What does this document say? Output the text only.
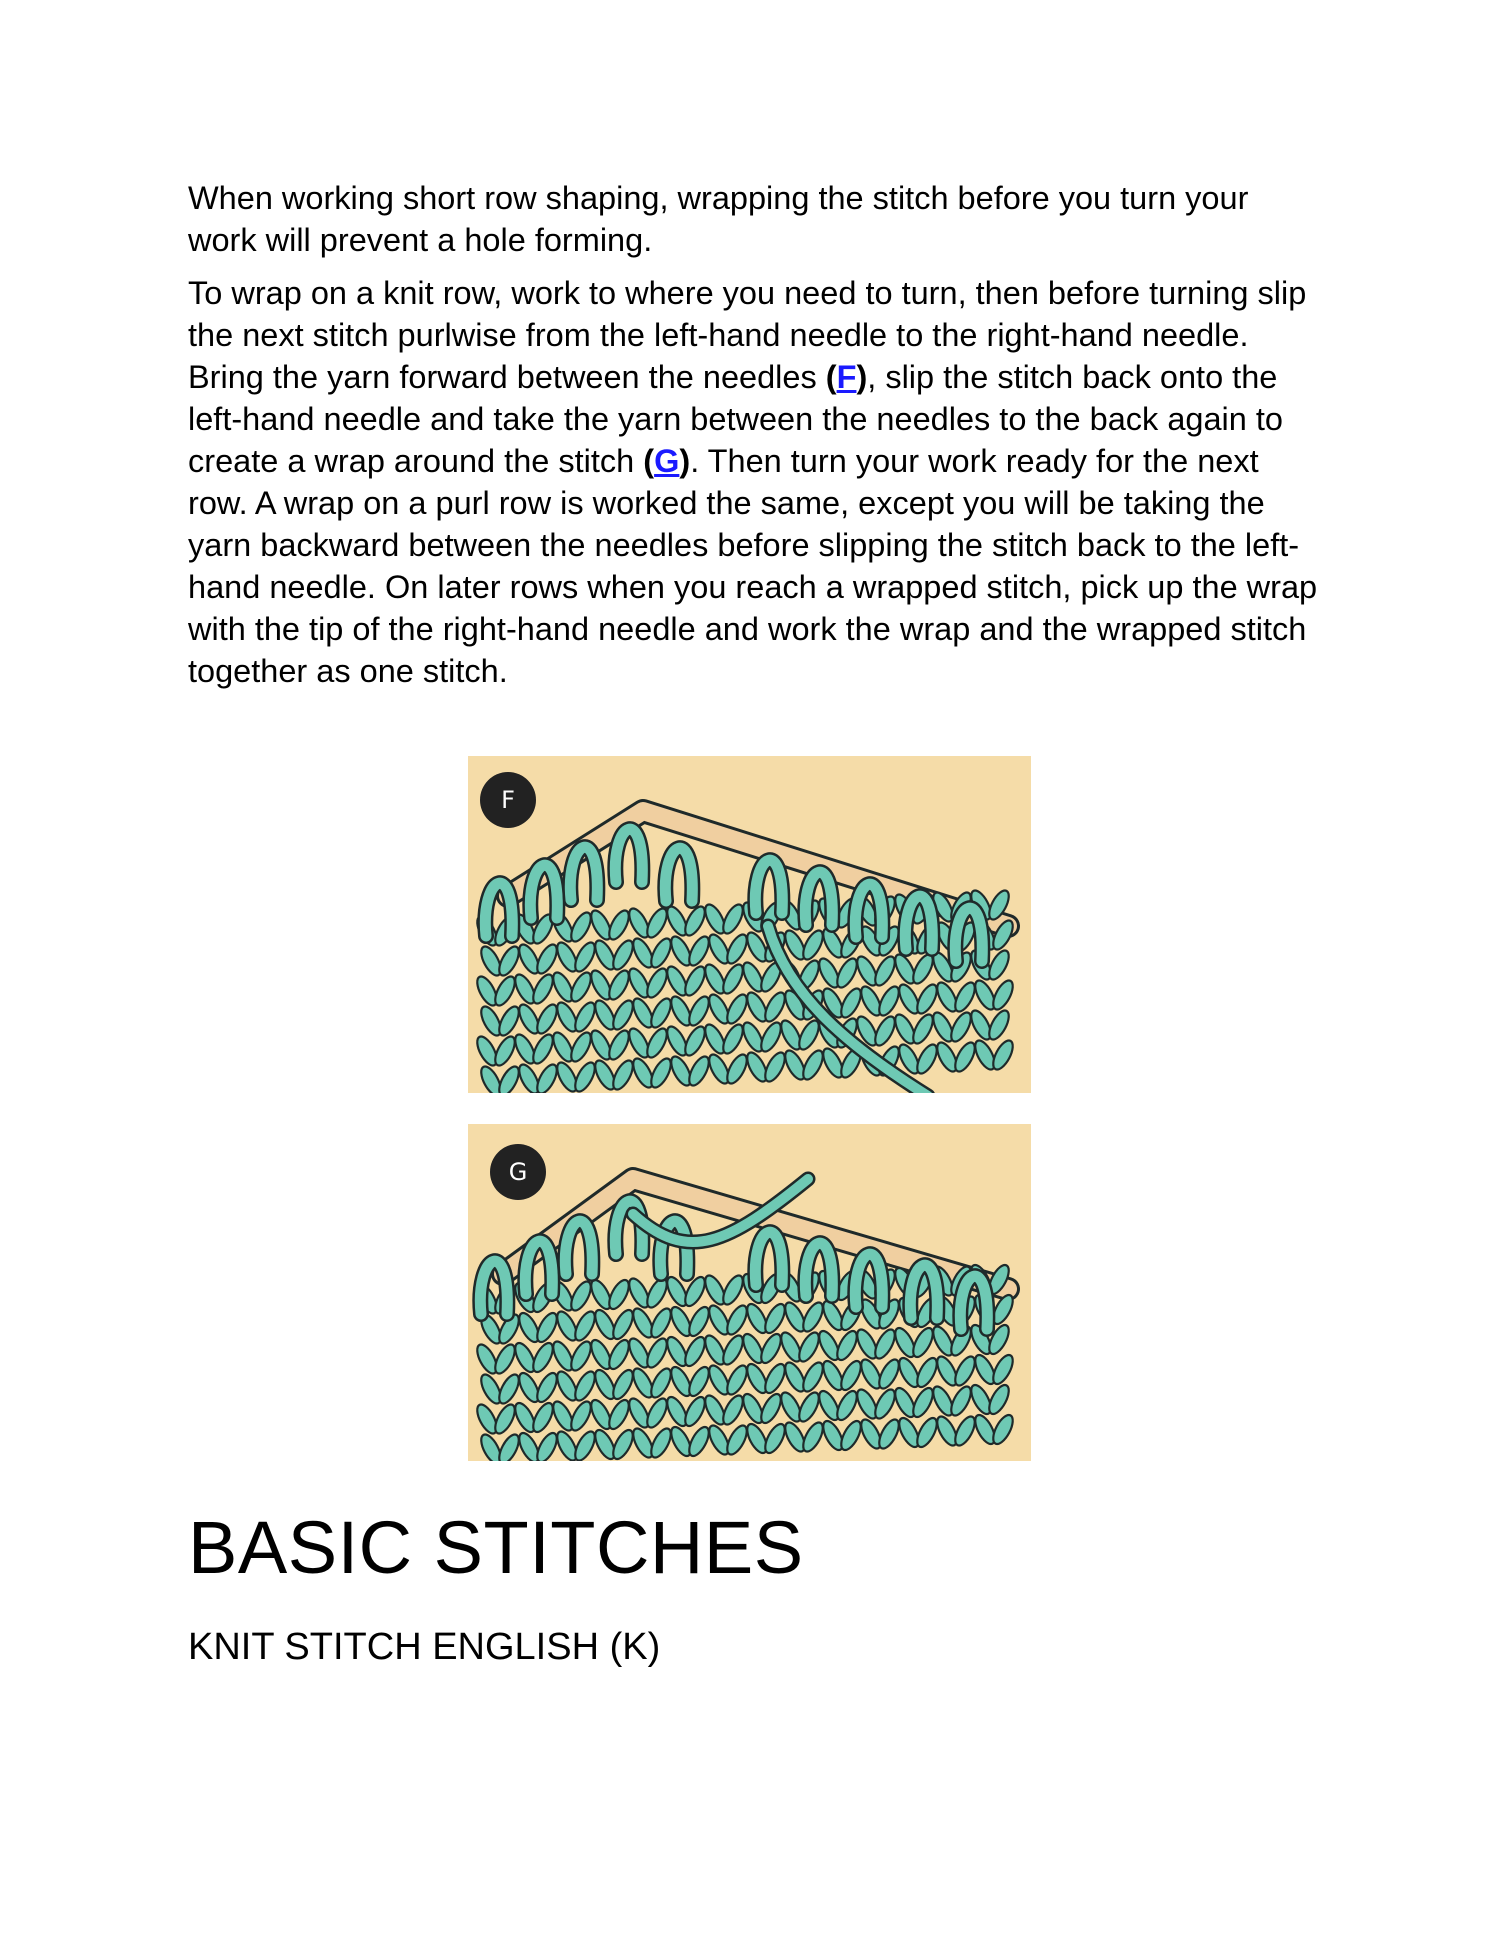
When working short row shaping, wrapping the stitch before you turn your work will prevent a hole forming.

To wrap on a knit row, work to where you need to turn, then before turning slip the next stitch purlwise from the left-hand needle to the right-hand needle. Bring the yarn forward between the needles (F), slip the stitch back onto the left-hand needle and take the yarn between the needles to the back again to create a wrap around the stitch (G). Then turn your work ready for the next row. A wrap on a purl row is worked the same, except you will be taking the yarn backward between the needles before slipping the stitch back to the left-hand needle. On later rows when you reach a wrapped stitch, pick up the wrap with the tip of the right-hand needle and work the wrap and the wrapped stitch together as one stitch.

F
G
BASIC STITCHES
KNIT STITCH ENGLISH (K)
